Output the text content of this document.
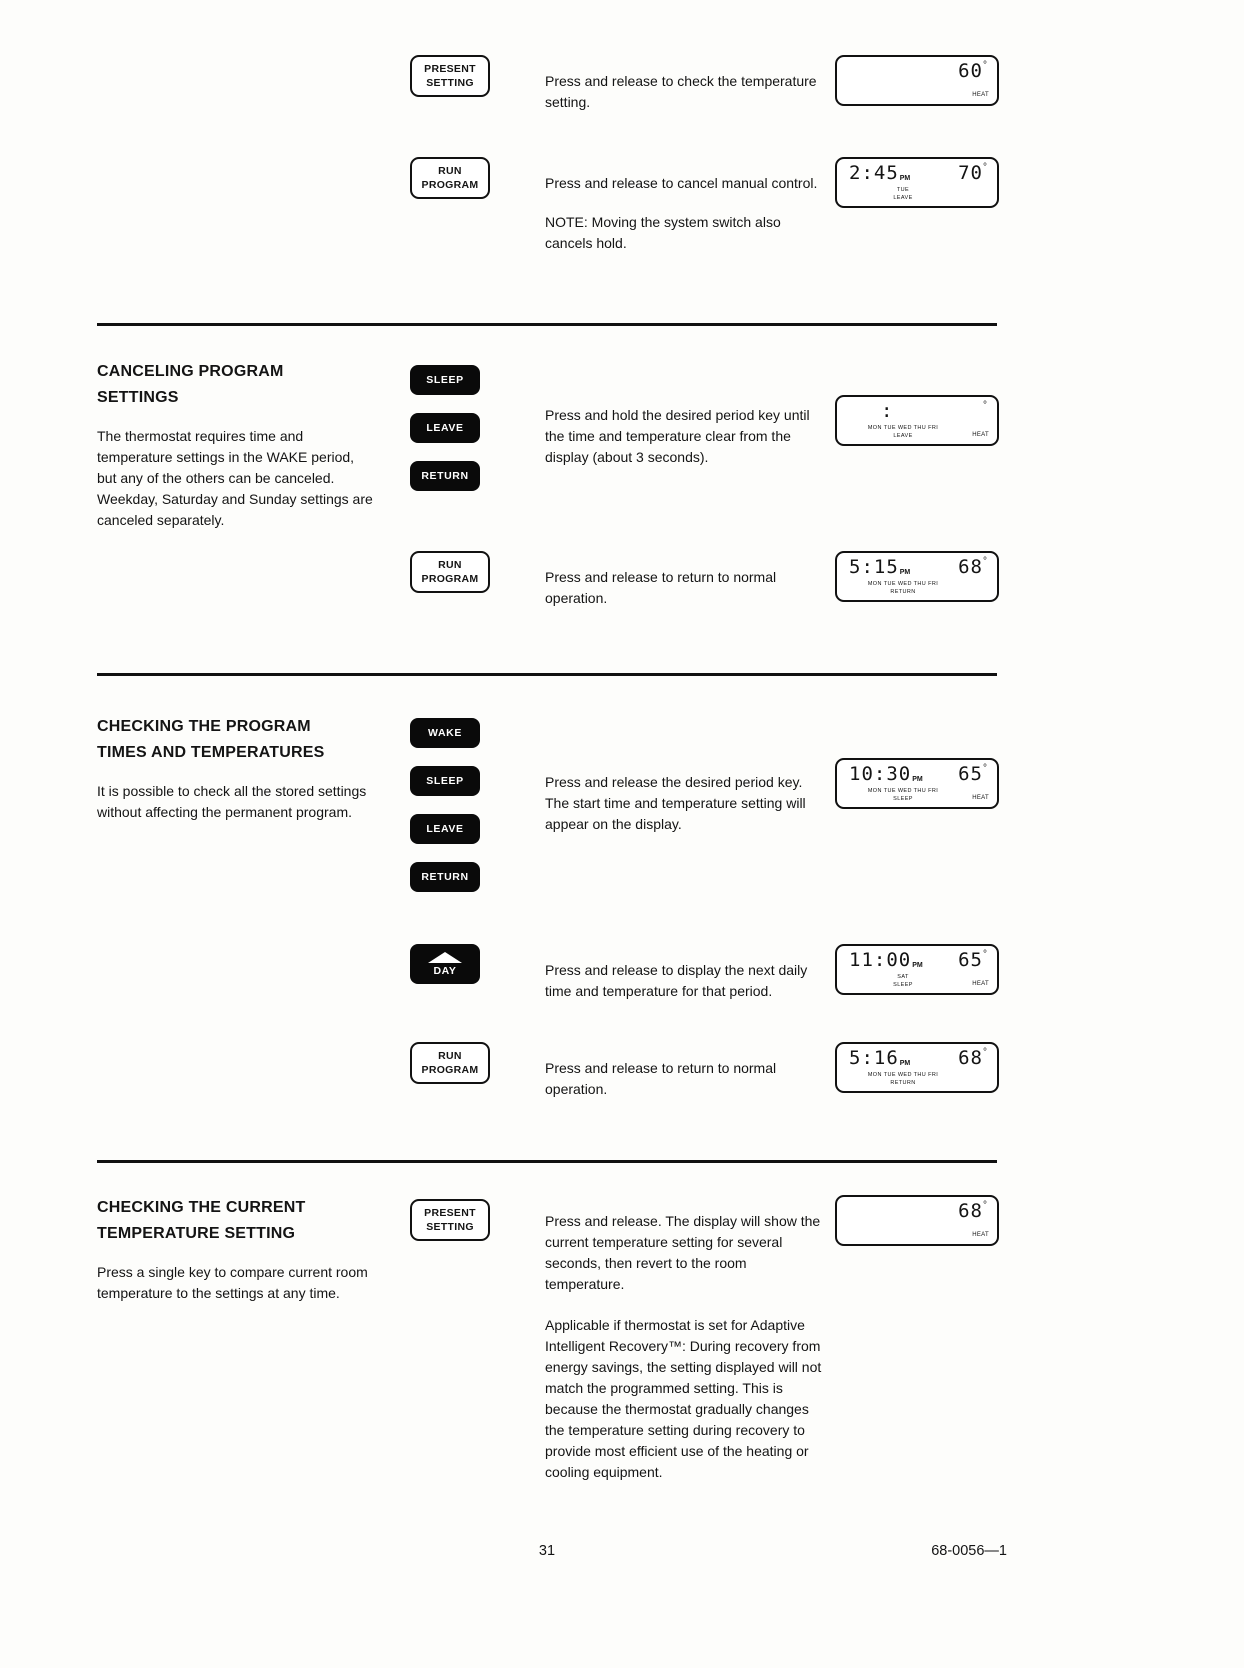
PRESENT
SETTING	Press and release to check the temperature setting.

60 °
HEAT
RUN
PROGRAM	Press and release to cancel manual control.

NOTE: Moving the system switch also cancels hold.

2:45 PM	70 °
TUE
LEAVE
CANCELING PROGRAM
SETTINGS

The thermostat requires time and temperature settings in the WAKE period, but any of the others can be canceled. Weekday, Saturday and Sunday settings are canceled separately.

SLEEP
LEAVE
RETURN

Press and hold the desired period key until the time and temperature clear from the display (about 3 seconds).

:	°
MON TUE WED THU FRI
LEAVE	HEAT
RUN
PROGRAM	Press and release to return to normal operation.

5:15 PM	68 °
MON TUE WED THU FRI
RETURN
CHECKING THE PROGRAM
TIMES AND TEMPERATURES

It is possible to check all the stored settings without affecting the permanent program.

WAKE
SLEEP
LEAVE
RETURN

Press and release the desired period key. The start time and temperature setting will appear on the display.

10:30 PM 65 °
MON TUE WED THU FRI
SLEEP	HEAT
DAY	Press and release to display the next daily time and temperature for that period.

11:00 PM 65 °
SAT
SLEEP	HEAT
RUN
PROGRAM	Press and release to return to normal operation.

5:16 PM	68 °
MON TUE WED THU FRI
RETURN
CHECKING THE CURRENT
TEMPERATURE SETTING

Press a single key to compare current room temperature to the settings at any time.

PRESENT
SETTING	Press and release. The display will show the current temperature setting for several seconds, then revert to the room temperature.

Applicable if thermostat is set for Adaptive Intelligent Recovery™: During recovery from energy savings, the setting displayed will not match the programmed setting. This is because the thermostat gradually changes the temperature setting during recovery to provide most efficient use of the heating or cooling equipment.

68 °
HEAT
31	68-0056—1
